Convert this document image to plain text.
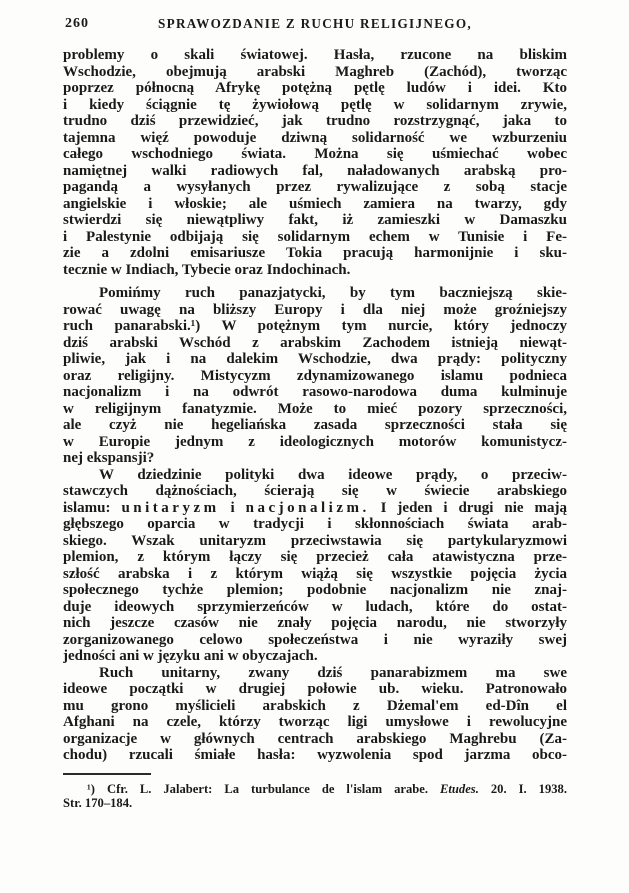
260	SPRAWOZDANIE Z RUCHU RELIGIJNEGO,
problemy o skali światowej. Hasła, rzucone na bliskim
Wschodzie, obejmują arabski Maghreb (Zachód), tworząc
poprzez północną Afrykę potężną pętlę ludów i idei. Kto
i kiedy ściągnie tę żywiołową pętlę w solidarnym zrywie,
trudno dziś przewidzieć, jak trudno rozstrzygnąć, jaka to
tajemna więź powoduje dziwną solidarność we wzburzeniu
całego wschodniego świata. Można się uśmiechać wobec
namiętnej walki radiowych fal, naładowanych arabską pro-
pagandą a wysyłanych przez rywalizujące z sobą stacje
angielskie i włoskie; ale uśmiech zamiera na twarzy, gdy
stwierdzi się niewątpliwy fakt, iż zamieszki w Damaszku
i Palestynie odbijają się solidarnym echem w Tunisie i Fe-
zie a zdolni emisariusze Tokia pracują harmonijnie i sku-
tecznie w Indiach, Tybecie oraz Indochinach.
Pomińmy ruch panazjatycki, by tym baczniejszą skie-
rować uwagę na bliższy Europy i dla niej może groźniejszy
ruch panarabski.¹) W potężnym tym nurcie, który jednoczy
dziś arabski Wschód z arabskim Zachodem istnieją niewąt-
pliwie, jak i na dalekim Wschodzie, dwa prądy: polityczny
oraz religijny. Mistycyzm zdynamizowanego islamu podnieca
nacjonalizm i na odwrót rasowo-narodowa duma kulminuje
w religijnym fanatyzmie. Może to mieć pozory sprzeczności,
ale czyż nie hegeliańska zasada sprzeczności stała się
w Europie jednym z ideologicznych motorów komunistycz-
nej ekspansji?
W dziedzinie polityki dwa ideowe prądy, o przeciw-
stawczych dążnościach, ścierają się w świecie arabskiego
islamu: unitaryzm i nacjonalizm. I jeden i drugi nie mają
głębszego oparcia w tradycji i skłonnościach świata arab-
skiego. Wszak unitaryzm przeciwstawia się partykularyzmowi
plemion, z którym łączy się przecież cała atawistyczna prze-
szłość arabska i z którym wiążą się wszystkie pojęcia życia
społecznego tychże plemion; podobnie nacjonalizm nie znaj-
duje ideowych sprzymierzeńców w ludach, które do ostat-
nich jeszcze czasów nie znały pojęcia narodu, nie stworzyły
zorganizowanego celowo społeczeństwa i nie wyraziły swej
jedności ani w języku ani w obyczajach.
Ruch unitarny, zwany dziś panarabizmem ma swe
ideowe początki w drugiej połowie ub. wieku. Patronowało
mu grono myślicieli arabskich z Dżemal'em ed-Dîn el
Afghani na czele, którzy tworząc ligi umysłowe i rewolucyjne
organizacje w głównych centrach arabskiego Maghrebu (Za-
chodu) rzucali śmiałe hasła: wyzwolenia spod jarzma obco-
¹) Cfr. L. Jalabert: La turbulance de l'islam arabe. Etudes. 20. I. 1938.
Str. 170–184.
